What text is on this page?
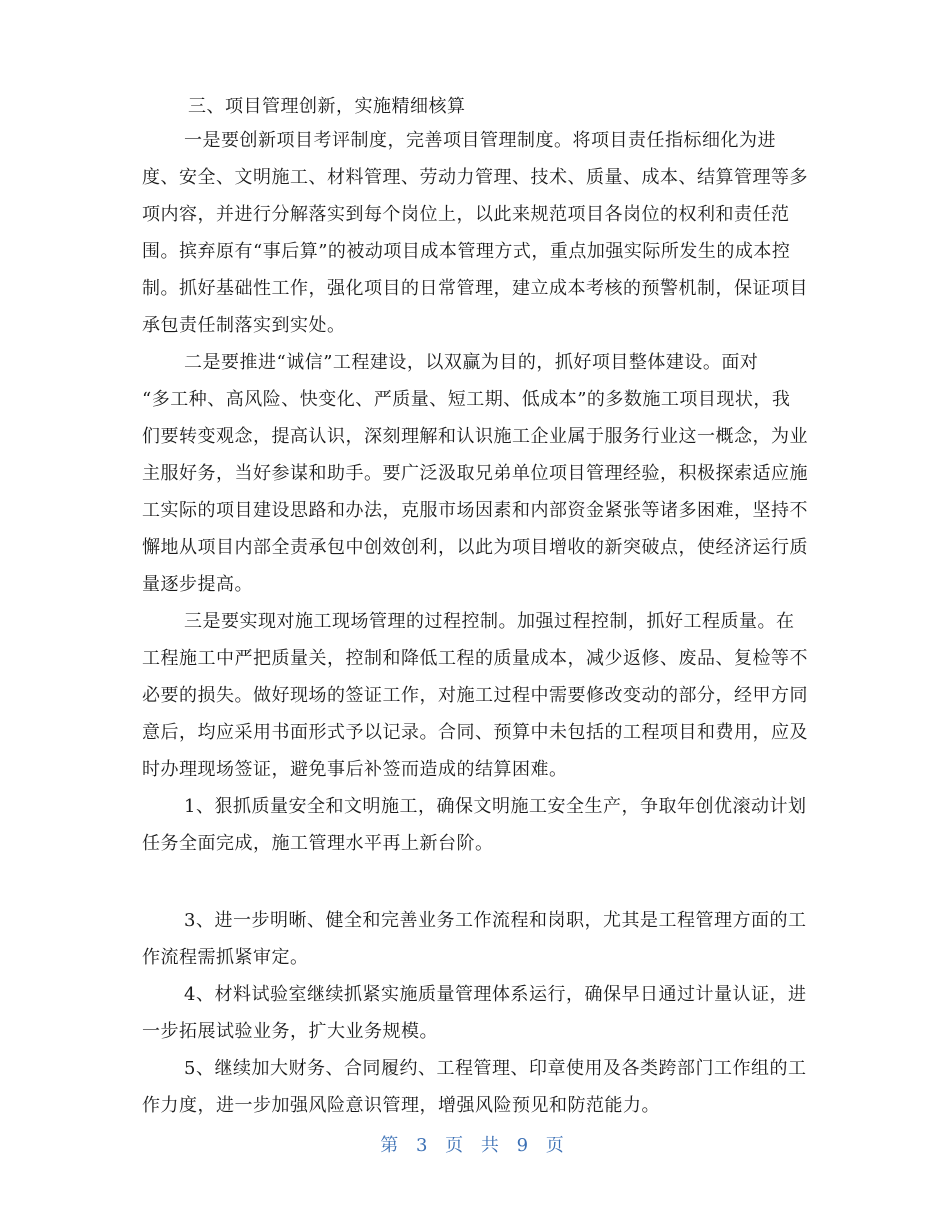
三、项目管理创新，实施精细核算

一是要创新项目考评制度，完善项目管理制度。将项目责任指标细化为进
度、安全、文明施工、材料管理、劳动力管理、技术、质量、成本、结算管理等多
项内容，并进行分解落实到每个岗位上，以此来规范项目各岗位的权利和责任范
围。摈弃原有“事后算”的被动项目成本管理方式，重点加强实际所发生的成本控
制。抓好基础性工作，强化项目的日常管理，建立成本考核的预警机制，保证项目
承包责任制落实到实处。
二是要推进“诚信”工程建设，以双赢为目的，抓好项目整体建设。面对
“多工种、高风险、快变化、严质量、短工期、低成本”的多数施工项目现状，我
们要转变观念，提高认识，深刻理解和认识施工企业属于服务行业这一概念，为业
主服好务，当好参谋和助手。要广泛汲取兄弟单位项目管理经验，积极探索适应施
工实际的项目建设思路和办法，克服市场因素和内部资金紧张等诸多困难，坚持不
懈地从项目内部全责承包中创效创利，以此为项目增收的新突破点，使经济运行质
量逐步提高。
三是要实现对施工现场管理的过程控制。加强过程控制，抓好工程质量。在
工程施工中严把质量关，控制和降低工程的质量成本，减少返修、废品、复检等不
必要的损失。做好现场的签证工作，对施工过程中需要修改变动的部分，经甲方同
意后，均应采用书面形式予以记录。合同、预算中未包括的工程项目和费用，应及
时办理现场签证，避免事后补签而造成的结算困难。
1、狠抓质量安全和文明施工，确保文明施工安全生产，争取年创优滚动计划
任务全面完成，施工管理水平再上新台阶。
3、进一步明晰、健全和完善业务工作流程和岗职，尤其是工程管理方面的工
作流程需抓紧审定。
4、材料试验室继续抓紧实施质量管理体系运行，确保早日通过计量认证，进
一步拓展试验业务，扩大业务规模。
5、继续加大财务、合同履约、工程管理、印章使用及各类跨部门工作组的工
作力度，进一步加强风险意识管理，增强风险预见和防范能力。
第 3 页 共 9 页
